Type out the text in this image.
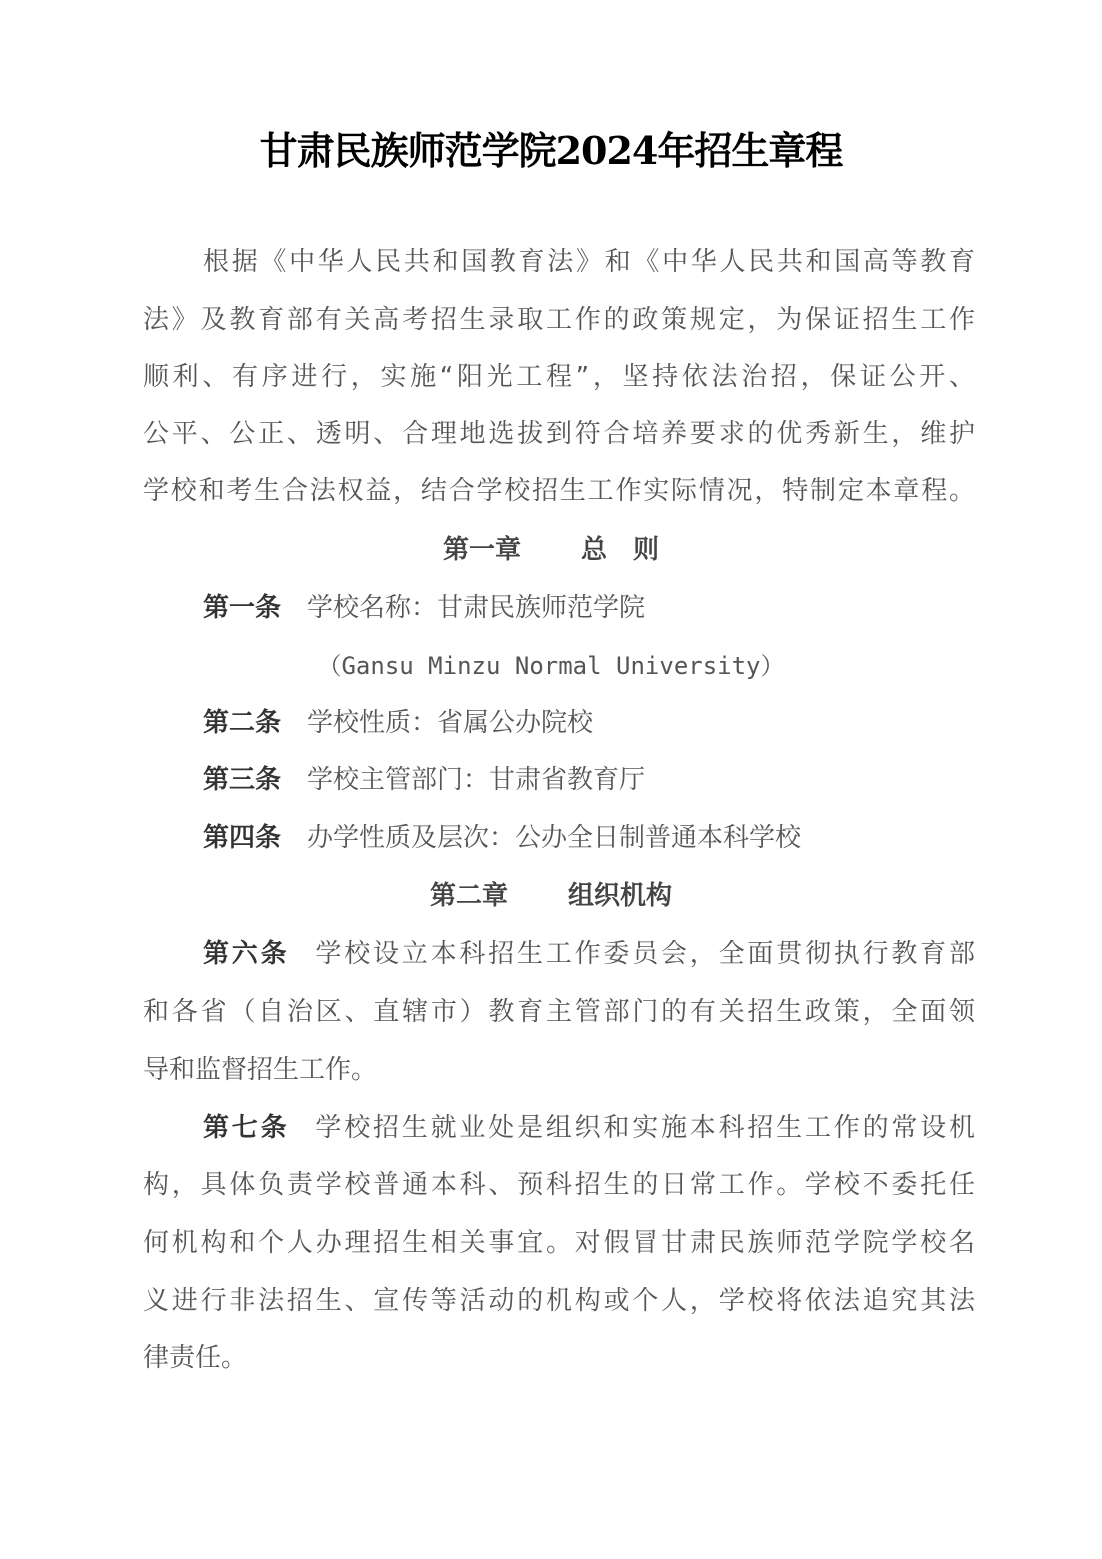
甘肃民族师范学院2024年招生章程
根据《中华人民共和国教育法》和《中华人民共和国高等教育
法》及教育部有关高考招生录取工作的政策规定，为保证招生工作
顺利、有序进行，实施“阳光工程”，坚持依法治招，保证公开、
公平、公正、透明、合理地选拔到符合培养要求的优秀新生，维护
学校和考生合法权益，结合学校招生工作实际情况，特制定本章程。
第一章 总　则
第一条 学校名称：甘肃民族师范学院
（Gansu Minzu Normal University）
第二条 学校性质：省属公办院校
第三条 学校主管部门：甘肃省教育厅
第四条 办学性质及层次：公办全日制普通本科学校
第二章 组织机构
第六条 学校设立本科招生工作委员会，全面贯彻执行教育部
和各省（自治区、直辖市）教育主管部门的有关招生政策，全面领
导和监督招生工作。
第七条 学校招生就业处是组织和实施本科招生工作的常设机
构，具体负责学校普通本科、预科招生的日常工作。学校不委托任
何机构和个人办理招生相关事宜。对假冒甘肃民族师范学院学校名
义进行非法招生、宣传等活动的机构或个人，学校将依法追究其法
律责任。
